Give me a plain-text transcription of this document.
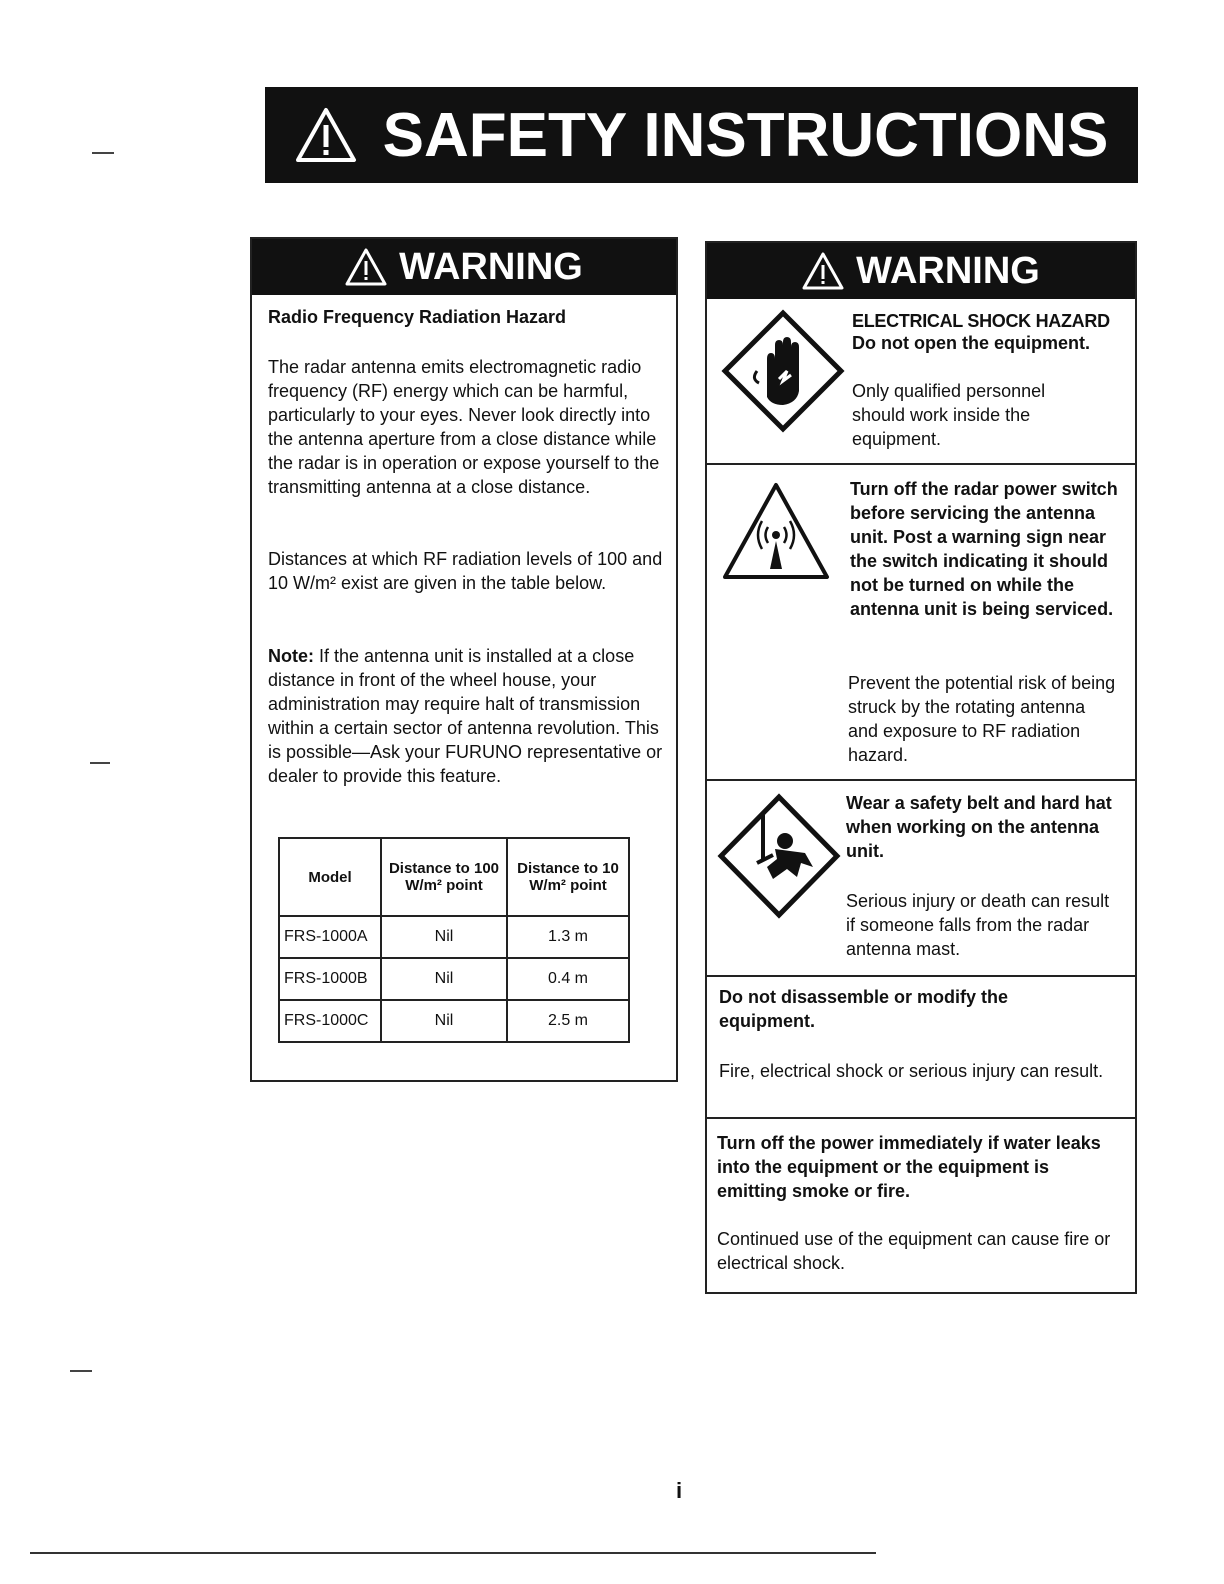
SAFETY INSTRUCTIONS
WARNING
Radio Frequency Radiation Hazard
The radar antenna emits electromagnetic radio frequency (RF) energy which can be harmful, particularly to your eyes. Never look directly into the antenna aperture from a close distance while the radar is in operation or expose yourself to the transmitting antenna at a close distance.
Distances at which RF radiation levels of 100 and 10 W/m² exist are given in the table below.
Note: If the antenna unit is installed at a close distance in front of the wheel house, your administration may require halt of transmission within a certain sector of antenna revolution. This is possible—Ask your FURUNO representative or dealer to provide this feature.
Model	Distance to 100 W/m² point	Distance to 10 W/m² point
FRS-1000A	Nil	1.3 m
FRS-1000B	Nil	0.4 m
FRS-1000C	Nil	2.5 m
WARNING
ELECTRICAL SHOCK HAZARD
Do not open the equipment.
Only qualified personnel should work inside the equipment.
Turn off the radar power switch before servicing the antenna unit. Post a warning sign near the switch indicating it should not be turned on while the antenna unit is being serviced.
Prevent the potential risk of being struck by the rotating antenna and exposure to RF radiation hazard.
Wear a safety belt and hard hat when working on the antenna unit.
Serious injury or death can result if someone falls from the radar antenna mast.
Do not disassemble or modify the equipment.
Fire, electrical shock or serious injury can result.
Turn off the power immediately if water leaks into the equipment or the equipment is emitting smoke or fire.
Continued use of the equipment can cause fire or electrical shock.
i
